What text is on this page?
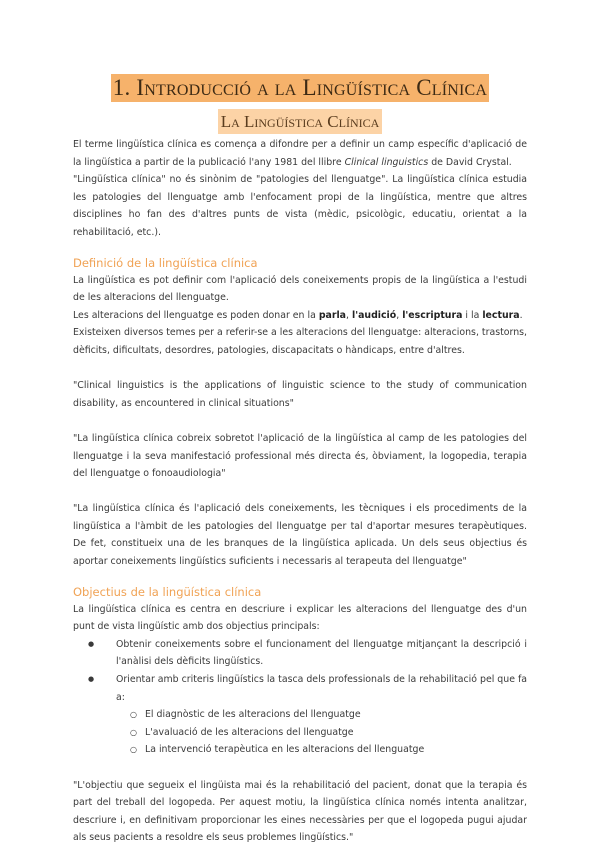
1. Introducció a la Lingüística Clínica
La Lingüística Clínica

El terme lingüística clínica es comença a difondre per a definir un camp específic d'aplicació de la lingüística a partir de la publicació l'any 1981 del llibre Clinical linguistics de David Crystal.

"Lingüística clínica" no és sinònim de "patologies del llenguatge". La lingüística clínica estudia les patologies del llenguatge amb l'enfocament propi de la lingüística, mentre que altres disciplines ho fan des d'altres punts de vista (mèdic, psicològic, educatiu, orientat a la rehabilitació, etc.).

Definició de la lingüística clínica

La lingüística es pot definir com l'aplicació dels coneixements propis de la lingüística a l'estudi de les alteracions del llenguatge.

Les alteracions del llenguatge es poden donar en la parla, l'audició, l'escriptura i la lectura.

Existeixen diversos temes per a referir-se a les alteracions del llenguatge: alteracions, trastorns, dèficits, dificultats, desordres, patologies, discapacitats o hàndicaps, entre d'altres.

"Clinical linguistics is the applications of linguistic science to the study of communication disability, as encountered in clinical situations"

"La lingüística clínica cobreix sobretot l'aplicació de la lingüística al camp de les patologies del llenguatge i la seva manifestació professional més directa és, òbviament, la logopedia, terapia del llenguatge o fonoaudiologia"

"La lingüística clínica és l'aplicació dels coneixements, les tècniques i els procediments de la lingüística a l'àmbit de les patologies del llenguatge per tal d'aportar mesures terapèutiques. De fet, constitueix una de les branques de la lingüística aplicada. Un dels seus objectius és aportar coneixements lingüístics suficients i necessaris al terapeuta del llenguatge"

Objectius de la lingüística clínica

La lingüística clínica es centra en descriure i explicar les alteracions del llenguatge des d'un punt de vista lingüístic amb dos objectius principals:

● Obtenir coneixements sobre el funcionament del llenguatge mitjançant la descripció i l'anàlisi dels dèficits lingüístics.
● Orientar amb criteris lingüístics la tasca dels professionals de la rehabilitació pel que fa a:
○ El diagnòstic de les alteracions del llenguatge
○ L'avaluació de les alteracions del llenguatge
○ La intervenció terapèutica en les alteracions del llenguatge

"L'objectiu que segueix el lingüista mai és la rehabilitació del pacient, donat que la terapia és part del treball del logopeda. Per aquest motiu, la lingüística clínica només intenta analitzar, descriure i, en definitivam proporcionar les eines necessàries per que el logopeda pugui ajudar als seus pacients a resoldre els seus problemes lingüístics."
